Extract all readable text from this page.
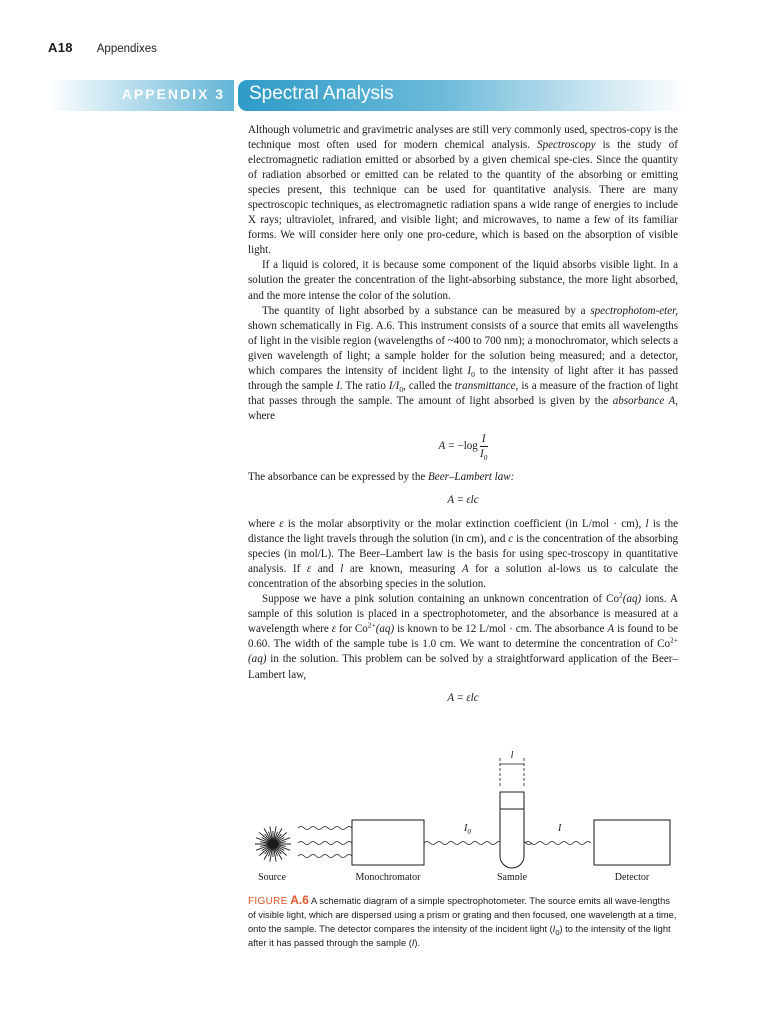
A18 Appendixes
APPENDIX 3 Spectral Analysis

Although volumetric and gravimetric analyses are still very commonly used, spectros-copy is the technique most often used for modern chemical analysis. Spectroscopy is the study of electromagnetic radiation emitted or absorbed by a given chemical spe-cies. Since the quantity of radiation absorbed or emitted can be related to the quantity of the absorbing or emitting species present, this technique can be used for quantitative analysis. There are many spectroscopic techniques, as electromagnetic radiation spans a wide range of energies to include X rays; ultraviolet, infrared, and visible light; and microwaves, to name a few of its familiar forms. We will consider here only one pro-cedure, which is based on the absorption of visible light.

If a liquid is colored, it is because some component of the liquid absorbs visible light. In a solution the greater the concentration of the light-absorbing substance, the more light absorbed, and the more intense the color of the solution.

The quantity of light absorbed by a substance can be measured by a spectrophotom-eter, shown schematically in Fig. A.6. This instrument consists of a source that emits all wavelengths of light in the visible region (wavelengths of ~400 to 700 nm); a monochromator, which selects a given wavelength of light; a sample holder for the solution being measured; and a detector, which compares the intensity of incident light $I_0$ to the intensity of light after it has passed through the sample I. The ratio $I/I_0$, called the transmittance, is a measure of the fraction of light that passes through the sample. The amount of light absorbed is given by the absorbance A, where

$A = -\log \frac{I}{I_0}$

The absorbance can be expressed by the Beer–Lambert law:

A = εlc

where ε is the molar absorptivity or the molar extinction coefficient (in L/mol · cm), l is the distance the light travels through the solution (in cm), and c is the concentration of the absorbing species (in mol/L). The Beer–Lambert law is the basis for using spec-troscopy in quantitative analysis. If ε and l are known, measuring A for a solution al-lows us to calculate the concentration of the absorbing species in the solution.

Suppose we have a pink solution containing an unknown concentration of Co$^2$(aq) ions. A sample of this solution is placed in a spectrophotometer, and the absorbance is measured at a wavelength where ε for $Co^{2+}(aq)$ is known to be 12 L/mol · cm. The absorbance A is found to be 0.60. The width of the sample tube is 1.0 cm. We want to determine the concentration of $Co^{2+}(aq)$ in the solution. This problem can be solved by a straightforward application of the Beer–Lambert law,

A = εlc
l
$I_0$	I
Source	Monochromator	Sample	Detector
FIGURE A.6 A schematic diagram of a simple spectrophotometer. The source emits all wave-lengths of visible light, which are dispersed using a prism or grating and then focused, one wavelength at a time, onto the sample. The detector compares the intensity of the incident light $(I_0)$ to the intensity of the light after it has passed through the sample (I).
